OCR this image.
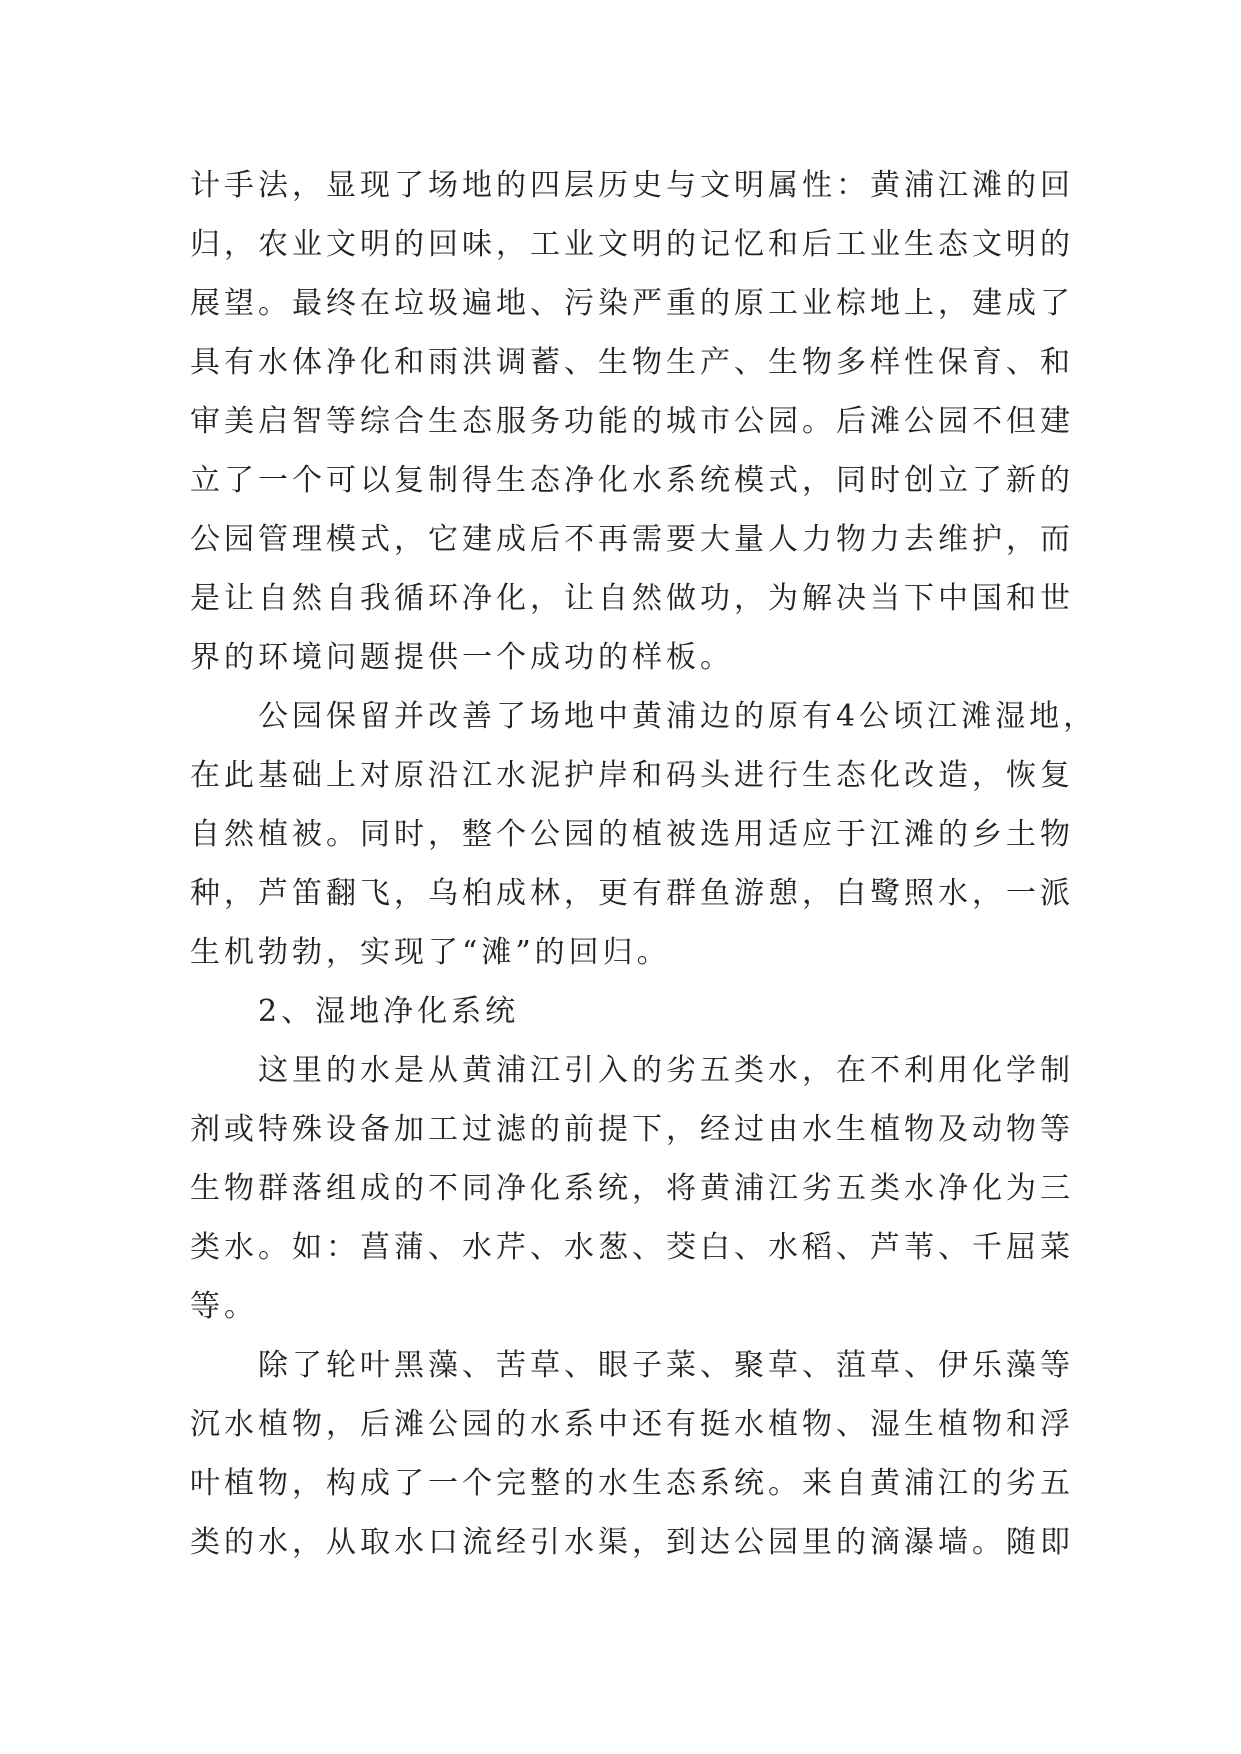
计手法，显现了场地的四层历史与文明属性：黄浦江滩的回
归，农业文明的回味，工业文明的记忆和后工业生态文明的
展望。最终在垃圾遍地、污染严重的原工业棕地上，建成了
具有水体净化和雨洪调蓄、生物生产、生物多样性保育、和
审美启智等综合生态服务功能的城市公园。后滩公园不但建
立了一个可以复制得生态净化水系统模式，同时创立了新的
公园管理模式，它建成后不再需要大量人力物力去维护，而
是让自然自我循环净化，让自然做功，为解决当下中国和世
界的环境问题提供一个成功的样板。
　　公园保留并改善了场地中黄浦边的原有4公顷江滩湿地，
在此基础上对原沿江水泥护岸和码头进行生态化改造，恢复
自然植被。同时，整个公园的植被选用适应于江滩的乡土物
种，芦笛翻飞，乌桕成林，更有群鱼游憩，白鹭照水，一派
生机勃勃，实现了“滩”的回归。
　　2、湿地净化系统
　　这里的水是从黄浦江引入的劣五类水，在不利用化学制
剂或特殊设备加工过滤的前提下，经过由水生植物及动物等
生物群落组成的不同净化系统，将黄浦江劣五类水净化为三
类水。如：菖蒲、水芹、水葱、茭白、水稻、芦苇、千屈菜
等。
　　除了轮叶黑藻、苦草、眼子菜、聚草、菹草、伊乐藻等
沉水植物，后滩公园的水系中还有挺水植物、湿生植物和浮
叶植物，构成了一个完整的水生态系统。来自黄浦江的劣五
类的水，从取水口流经引水渠，到达公园里的滴瀑墙。随即
